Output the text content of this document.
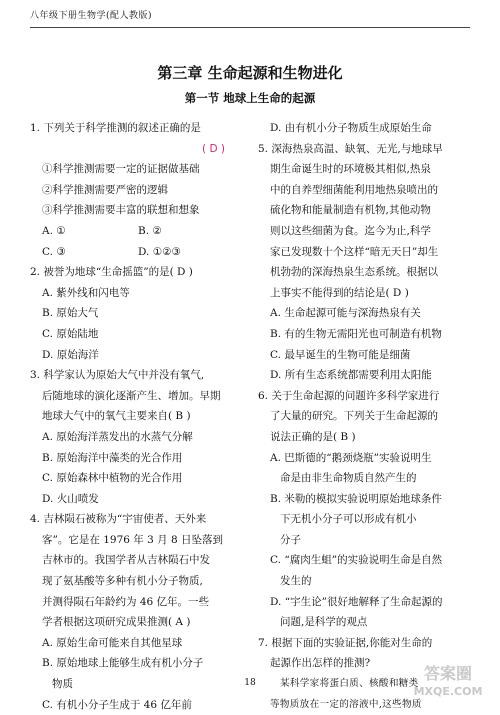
八年级下册生物学(配人教版)
第三章 生命起源和生物进化
第一节 地球上生命的起源
1. 下列关于科学推测的叙述正确的是
( D )
①科学推测需要一定的证据做基础
②科学推测需要严密的逻辑
③科学推测需要丰富的联想和想象
A. ①	B. ②
C. ③	D. ①②③
2. 被誉为地球“生命摇篮”的是( D )
A. 紫外线和闪电等
B. 原始大气
C. 原始陆地
D. 原始海洋
3. 科学家认为原始大气中并没有氧气,
后随地球的演化逐渐产生、增加。早期
地球大气中的氧气主要来自( B )
A. 原始海洋蒸发出的水蒸气分解
B. 原始海洋中藻类的光合作用
C. 原始森林中植物的光合作用
D. 火山喷发
4. 吉林陨石被称为“宇宙使者、天外来
客”。它是在 1976 年 3 月 8 日坠落到
吉林市的。我国学者从吉林陨石中发
现了氨基酸等多种有机小分子物质,
并测得陨石年龄约为 46 亿年。一些
学者根据这项研究成果推测( A )
A. 原始生命可能来自其他星球
B. 原始地球上能够生成有机小分子
物质
C. 有机小分子生成于 46 亿年前
D. 由有机小分子物质生成原始生命
5. 深海热泉高温、缺氧、无光,与地球早
期生命诞生时的环境极其相似,热泉
中的自养型细菌能利用地热泉喷出的
硫化物和能量制造有机物,其他动物
则以这些细菌为食。迄今为止,科学
家已发现数十个这样“暗无天日”却生
机勃勃的深海热泉生态系统。根据以
上事实不能得到的结论是( D )
A. 生命起源可能与深海热泉有关
B. 有的生物无需阳光也可制造有机物
C. 最早诞生的生物可能是细菌
D. 所有生态系统都需要利用太阳能
6. 关于生命起源的问题许多科学家进行
了大量的研究。下列关于生命起源的
说法正确的是( B )
A. 巴斯德的“鹅颈烧瓶”实验说明生
命是由非生命物质自然产生的
B. 米勒的模拟实验说明原始地球条件
下无机小分子可以形成有机小
分子
C. “腐肉生蛆”的实验说明生命是自然
发生的
D. “宇生论”很好地解释了生命起源的
问题,是科学的观点
7. 根据下面的实验证据,你能对生命的
起源作出怎样的推测?
某科学家将蛋白质、核酸和糖类
等物质放在一定的溶液中,这些物质
18	答案圈
MXQE.COM
